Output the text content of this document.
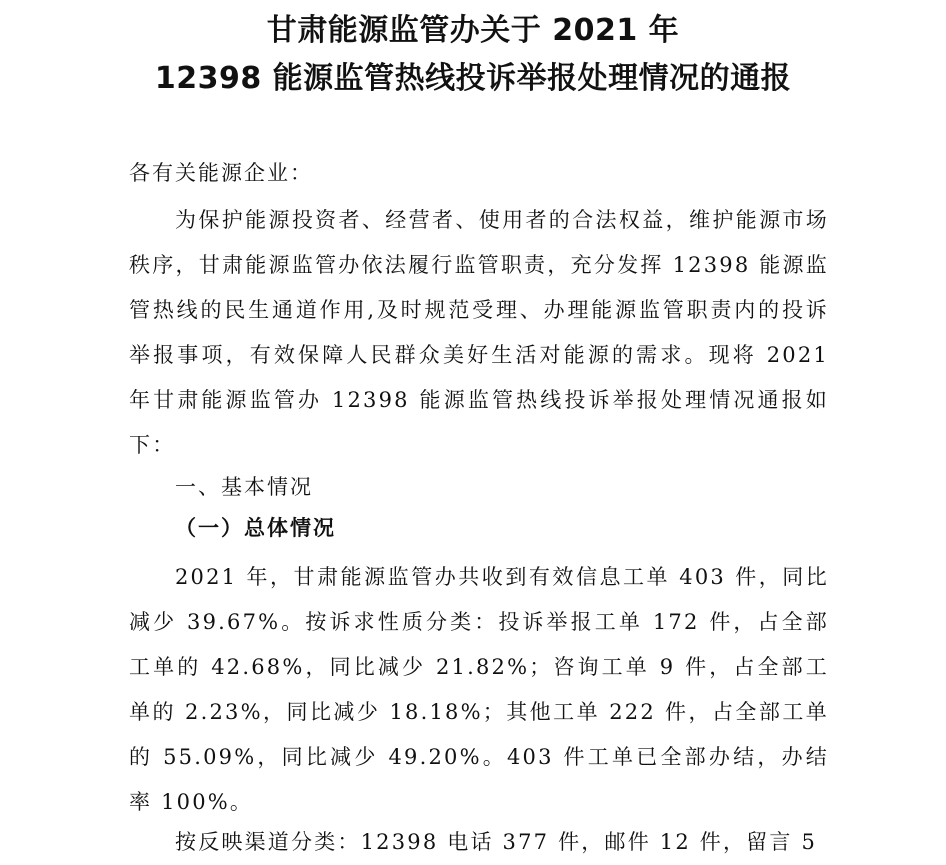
甘肃能源监管办关于 2021 年
12398 能源监管热线投诉举报处理情况的通报
各有关能源企业：

为保护能源投资者、经营者、使用者的合法权益，维护能源市场秩序，甘肃能源监管办依法履行监管职责，充分发挥 12398 能源监管热线的民生通道作用,及时规范受理、办理能源监管职责内的投诉举报事项，有效保障人民群众美好生活对能源的需求。现将 2021 年甘肃能源监管办 12398 能源监管热线投诉举报处理情况通报如下：

一、基本情况
（一）总体情况

2021 年，甘肃能源监管办共收到有效信息工单 403 件，同比减少 39.67%。按诉求性质分类：投诉举报工单 172 件，占全部工单的 42.68%，同比减少 21.82%；咨询工单 9 件，占全部工单的 2.23%，同比减少 18.18%；其他工单 222 件，占全部工单的 55.09%，同比减少 49.20%。403 件工单已全部办结，办结率 100%。

按反映渠道分类：12398 电话 377 件，邮件 12 件，留言 5
